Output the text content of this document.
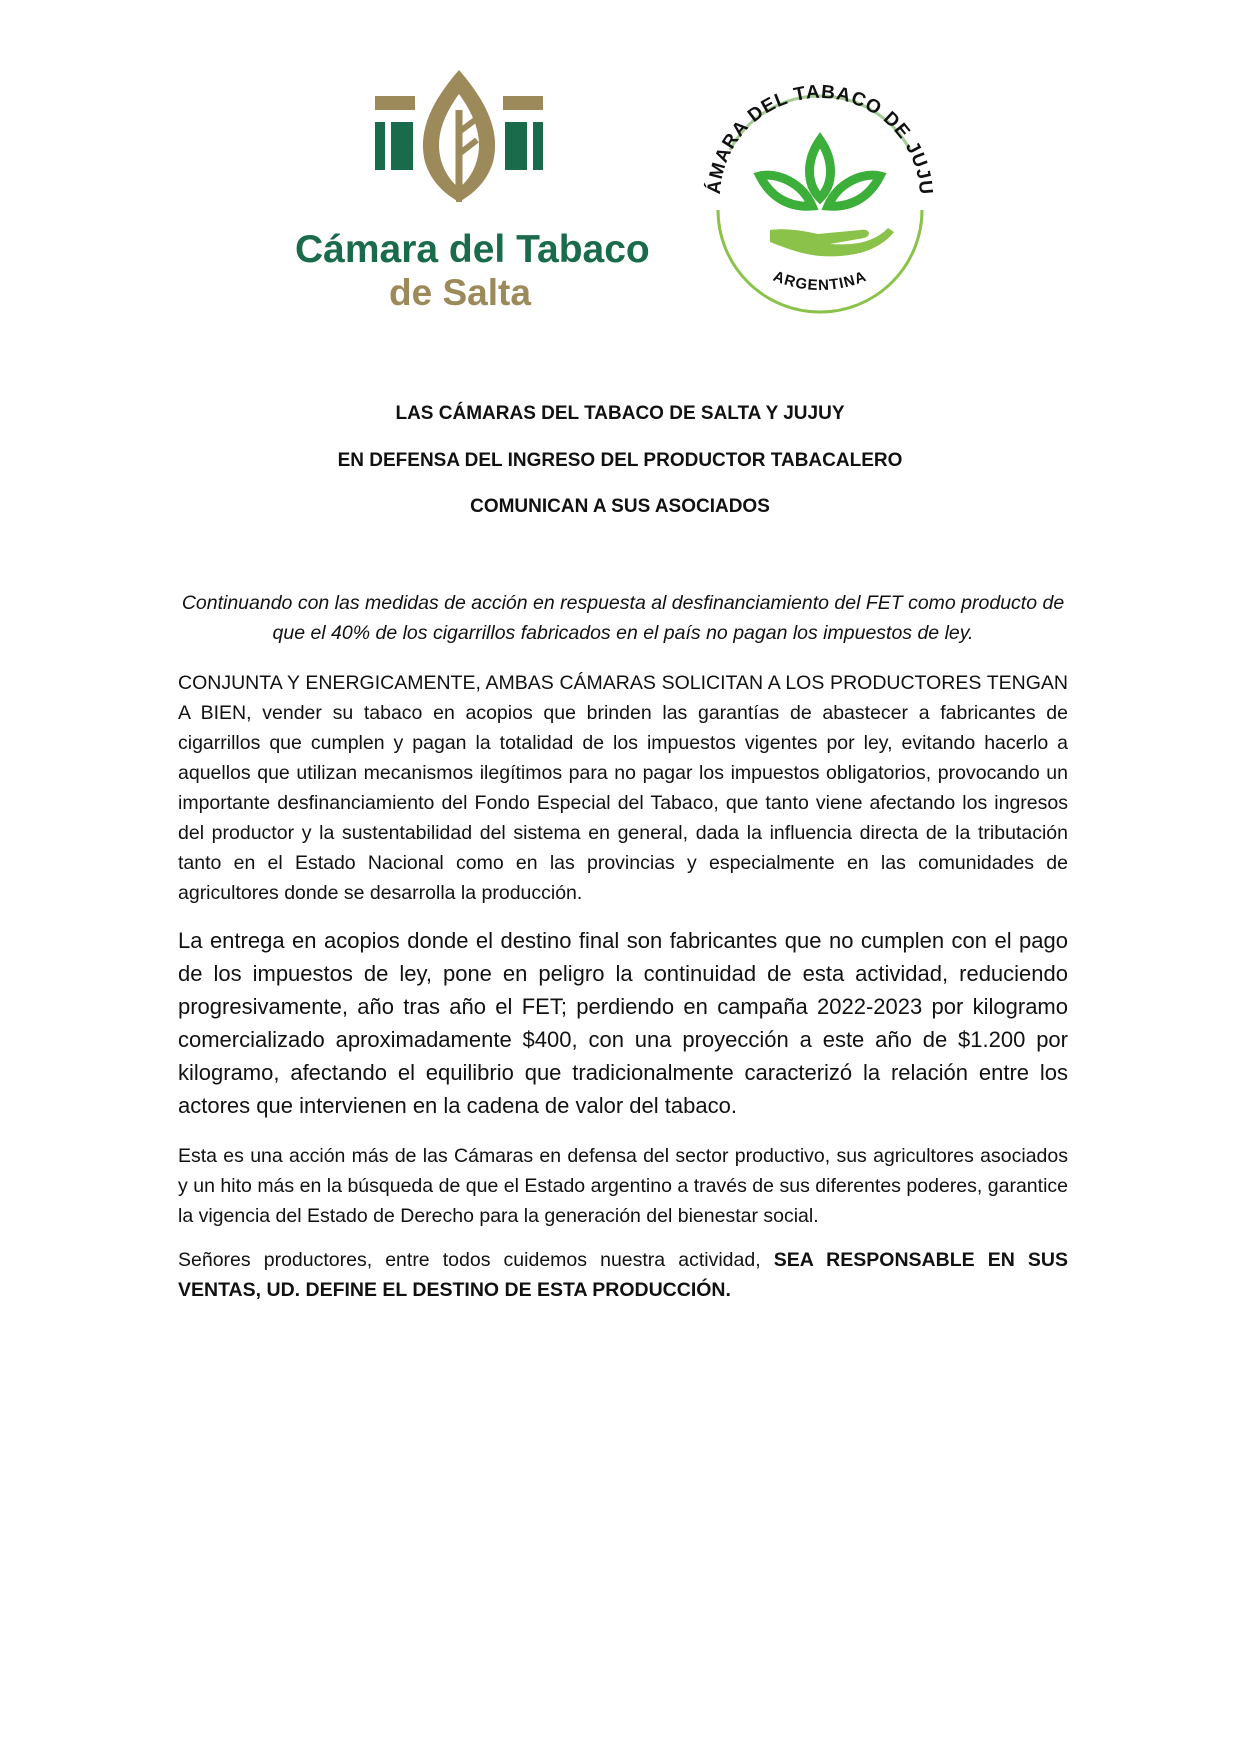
Cámara del Tabaco
de Salta
ÁMARA DEL TABACO DE JUJU
ARGENTINA
LAS CÁMARAS DEL TABACO DE SALTA Y JUJUY
EN DEFENSA DEL INGRESO DEL PRODUCTOR TABACALERO
COMUNICAN A SUS ASOCIADOS
Continuando con las medidas de acción en respuesta al desfinanciamiento del FET como producto de que el 40% de los cigarrillos fabricados en el país no pagan los impuestos de ley.
CONJUNTA Y ENERGICAMENTE, AMBAS CÁMARAS SOLICITAN A LOS PRODUCTORES TENGAN A BIEN, vender su tabaco en acopios que brinden las garantías de abastecer a fabricantes de cigarrillos que cumplen y pagan la totalidad de los impuestos vigentes por ley, evitando hacerlo a aquellos que utilizan mecanismos ilegítimos para no pagar los impuestos obligatorios, provocando un importante desfinanciamiento del Fondo Especial del Tabaco, que tanto viene afectando los ingresos del productor y la sustentabilidad del sistema en general, dada la influencia directa de la tributación tanto en el Estado Nacional como en las provincias y especialmente en las comunidades de agricultores donde se desarrolla la producción.
La entrega en acopios donde el destino final son fabricantes que no cumplen con el pago de los impuestos de ley, pone en peligro la continuidad de esta actividad, reduciendo progresivamente, año tras año el FET; perdiendo en campaña 2022-2023 por kilogramo comercializado aproximadamente $400, con una proyección a este año de $1.200 por kilogramo, afectando el equilibrio que tradicionalmente caracterizó la relación entre los actores que intervienen en la cadena de valor del tabaco.
Esta es una acción más de las Cámaras en defensa del sector productivo, sus agricultores asociados y un hito más en la búsqueda de que el Estado argentino a través de sus diferentes poderes, garantice la vigencia del Estado de Derecho para la generación del bienestar social.
Señores productores, entre todos cuidemos nuestra actividad, SEA RESPONSABLE EN SUS VENTAS, UD. DEFINE EL DESTINO DE ESTA PRODUCCIÓN.
